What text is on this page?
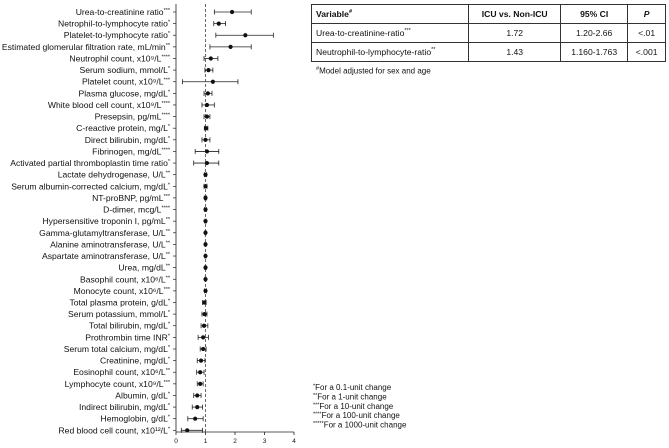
Urea-to-creatinine ratio***
Netrophil-to-lymphocyte ratio*
Platelet-to-lymphocyte ratio*
Estimated glomerular filtration rate, mL/min**
Neutrophil count, x10⁹/L****
Serum sodium, mmol/L*
Platelet count, x10⁹/L***
Plasma glucose, mg/dL*
White blood cell count, x10⁹/L****
Presepsin, pg/mL****
C-reactive protein, mg/L*
Direct bilirubin, mg/dL*
Fibrinogen, mg/dL****
Activated partial thromboplastin time ratio*
Lactate dehydrogenase, U/L**
Serum albumin-corrected calcium, mg/dL*
NT-proBNP, pg/mL***
D-dimer, mcg/L****
Hypersensitive troponin I, pg/mL**
Gamma-glutamyltransferase, U/L**
Alanine aminotransferase, U/L**
Aspartate aminotransferase, U/L**
Urea, mg/dL**
Basophil count, x10⁶/L**
Monocyte count, x10⁶/L***
Total plasma protein, g/dL*
Serum potassium, mmol/L*
Total bilirubin, mg/dL*
Prothrombin time INR*
Serum total calcium, mg/dL*
Creatinine, mg/dL*
Eosinophil count, x10⁶/L**
Lymphocyte count, x10⁹/L***
Albumin, g/dL*
Indirect bilirubin, mg/dL*
Hemoglobin, g/dL*
Red blood cell count, x10¹²/L*
0	1	2	3	4
*For a 0.1-unit change
**For a 1-unit change
***For a 10-unit change
****For a 100-unit change
*****For a 1000-unit change
Variable#	ICU vs. Non-ICU	95% CI	P
Urea-to-creatinine-ratio***	1.72	1.20-2.66	<.01
Neutrophil-to-lymphocyte-ratio**	1.43	1.160-1.763	<.001
#Model adjusted for sex and age
